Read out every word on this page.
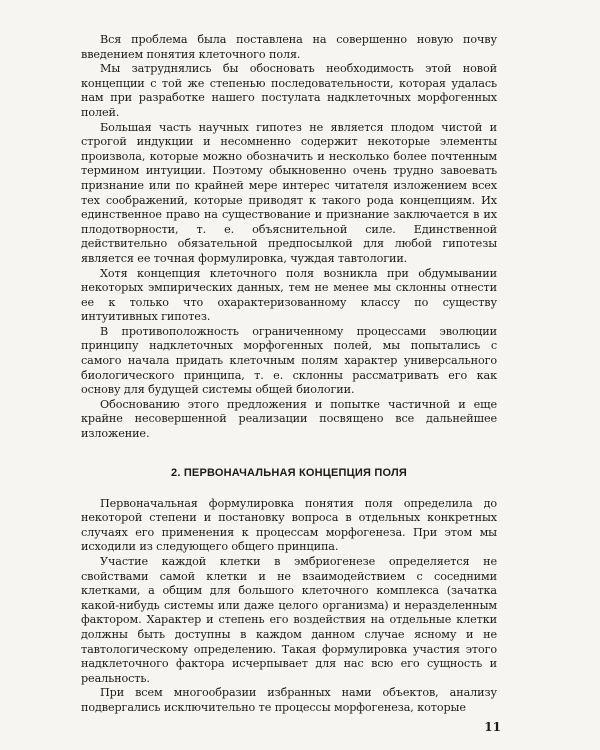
Вся проблема была поставлена на совершенно новую почву введением понятия клеточного поля.

Мы затруднялись бы обосновать необходимость этой новой концепции с той же степенью последовательности, которая удалась нам при разработке нашего постулата надклеточных морфогенных полей.

Большая часть научных гипотез не является плодом чистой и строгой индукции и несомненно содержит некоторые элементы произвола, которые можно обозначить и несколько более почтенным термином интуиции. Поэтому обыкновенно очень трудно завоевать признание или по крайней мере интерес читателя изложением всех тех соображений, которые приводят к такого рода концепциям. Их единственное право на существование и признание заключается в их плодотворности, т. е. объяснительной силе. Единственной действительно обязательной предпосылкой для любой гипотезы является ее точная формулировка, чуждая тавтологии.

Хотя концепция клеточного поля возникла при обдумывании некоторых эмпирических данных, тем не менее мы склонны отнести ее к только что охарактеризованному классу по существу интуитивных гипотез.

В противоположность ограниченному процессами эволюции принципу надклеточных морфогенных полей, мы попытались с самого начала придать клеточным полям характер универсального биологического принципа, т. е. склонны рассматривать его как основу для будущей системы общей биологии.

Обоснованию этого предложения и попытке частичной и еще крайне несовершенной реализации посвящено все дальнейшее изложение.

2. ПЕРВОНАЧАЛЬНАЯ КОНЦЕПЦИЯ ПОЛЯ

Первоначальная формулировка понятия поля определила до некоторой степени и постановку вопроса в отдельных конкретных случаях его применения к процессам морфогенеза. При этом мы исходили из следующего общего принципа.

Участие каждой клетки в эмбриогенезе определяется не свойствами самой клетки и не взаимодействием с соседними клетками, а общим для большого клеточного комплекса (зачатка какой-нибудь системы или даже целого организма) и неразделенным фактором. Характер и степень его воздействия на отдельные клетки должны быть доступны в каждом данном случае ясному и не тавтологическому определению. Такая формулировка участия этого надклеточного фактора исчерпывает для нас всю его сущность и реальность.

При всем многообразии избранных нами объектов, анализу подвергались исключительно те процессы морфогенеза, которые

11
